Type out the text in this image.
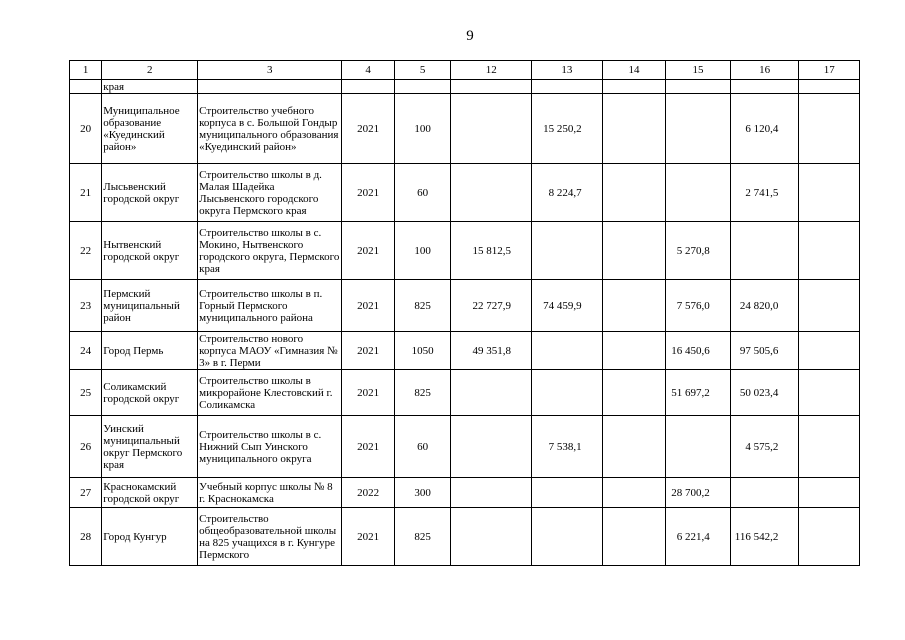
9
1	2	3	4	5	12	13	14	15	16	17
	края									
20	Муниципальное образование «Куединский район»	Строительство учебного корпуса в с. Большой Гондыр муниципального образования «Куединский район»	2021	100		15 250,2			6 120,4	
21	Лысьвенский городской округ	Строительство школы в д. Малая Шадейка Лысьвенского городского округа Пермского края	2021	60		8 224,7			2 741,5	
22	Нытвенский городской округ	Строительство школы в с. Мокино, Нытвенского городского округа, Пермского края	2021	100	15 812,5			5 270,8		
23	Пермский муниципальный район	Строительство школы в п. Горный Пермского муниципального района	2021	825	22 727,9	74 459,9		7 576,0	24 820,0	
24	Город Пермь	Строительство нового корпуса МАОУ «Гимназия № 3» в г. Перми	2021	1050	49 351,8			16 450,6	97 505,6	
25	Соликамский городской округ	Строительство школы в микрорайоне Клестовский г. Соликамска	2021	825				51 697,2	50 023,4	
26	Уинский муниципальный округ Пермского края	Строительство школы в с. Нижний Сып Уинского муниципального округа	2021	60		7 538,1			4 575,2	
27	Краснокамский городской округ	Учебный корпус школы № 8 г. Краснокамска	2022	300				28 700,2		
28	Город Кунгур	Строительство общеобразовательной школы на 825 учащихся в г. Кунгуре Пермского	2021	825				6 221,4	116 542,2	
